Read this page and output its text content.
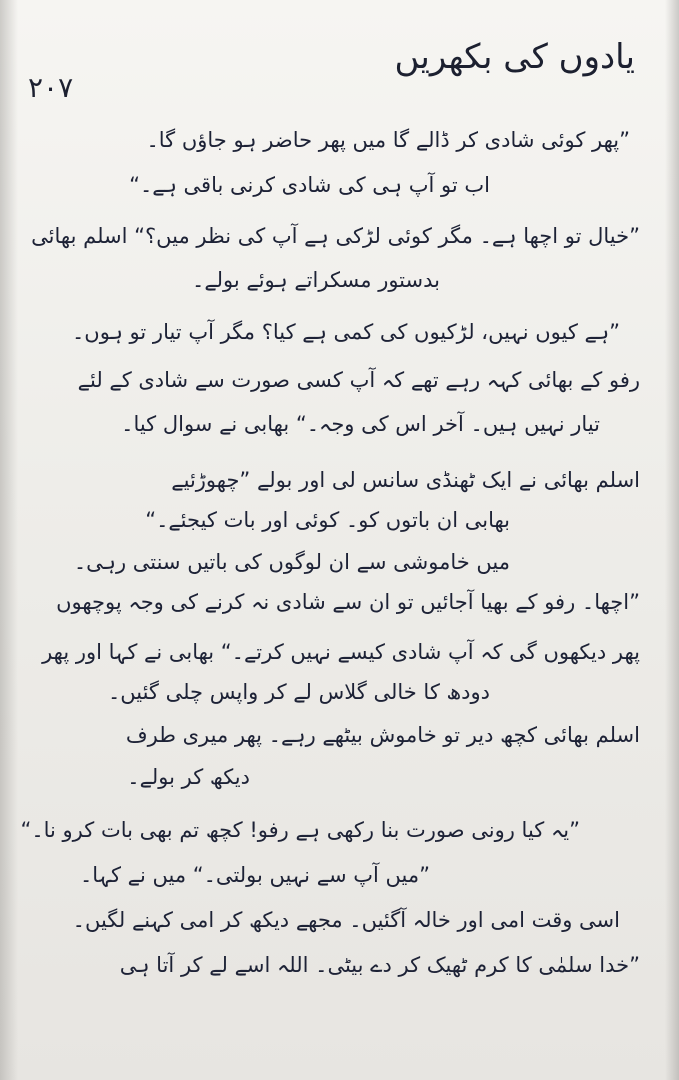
یادوں کی بکھریں
۲۰۷
”پھر کوئی شادی کر ڈالے گا میں پھر حاضر ہو جاؤں گا۔
اب تو آپ ہی کی شادی کرنی باقی ہے۔“
”خیال تو اچھا ہے۔ مگر کوئی لڑکی ہے آپ کی نظر میں؟“ اسلم بھائی
بدستور مسکراتے ہوئے بولے۔
”ہے کیوں نہیں، لڑکیوں کی کمی ہے کیا؟ مگر آپ تیار تو ہوں۔
رفو کے بھائی کہہ رہے تھے کہ آپ کسی صورت سے شادی کے لئے
تیار نہیں ہیں۔ آخر اس کی وجہ۔“ بھابی نے سوال کیا۔
اسلم بھائی نے ایک ٹھنڈی سانس لی اور بولے ”چھوڑئیے
بھابی ان باتوں کو۔ کوئی اور بات کیجئے۔“
میں خاموشی سے ان لوگوں کی باتیں سنتی رہی۔
”اچھا۔ رفو کے بھیا آجائیں تو ان سے شادی نہ کرنے کی وجہ پوچھوں
پھر دیکھوں گی کہ آپ شادی کیسے نہیں کرتے۔“ بھابی نے کہا اور پھر
دودھ کا خالی گلاس لے کر واپس چلی گئیں۔
اسلم بھائی کچھ دیر تو خاموش بیٹھے رہے۔ پھر میری طرف
دیکھ کر بولے۔
”یہ کیا رونی صورت بنا رکھی ہے رفو! کچھ تم بھی بات کرو نا۔“
”میں آپ سے نہیں بولتی۔“ میں نے کہا۔
اسی وقت امی اور خالہ آگئیں۔ مجھے دیکھ کر امی کہنے لگیں۔
”خدا سلمٰی کا کرم ٹھیک کر دے بیٹی۔ اللہ اسے لے کر آتا ہی
